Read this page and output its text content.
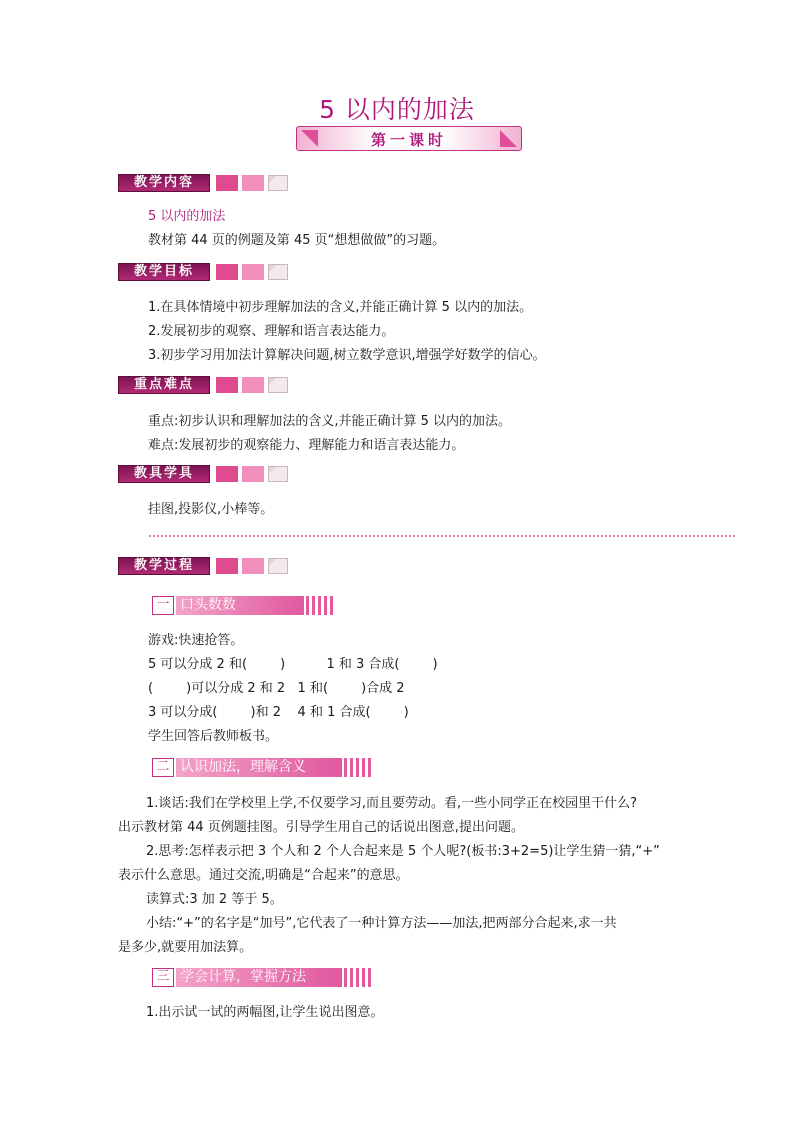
5 以内的加法
第一课时
教学内容
5 以内的加法
教材第 44 页的例题及第 45 页“想想做做”的习题。
教学目标
1.在具体情境中初步理解加法的含义,并能正确计算 5 以内的加法。
2.发展初步的观察、理解和语言表达能力。
3.初步学习用加法计算解决问题,树立数学意识,增强学好数学的信心。
重点难点
重点:初步认识和理解加法的含义,并能正确计算 5 以内的加法。
难点:发展初步的观察能力、理解能力和语言表达能力。
教具学具
挂图,投影仪,小棒等。
教学过程
一 口头数数
游戏:快速抢答。
5 可以分成 2 和(        )          1 和 3 合成(        )
(        )可以分成 2 和 2   1 和(        )合成 2
3 可以分成(        )和 2    4 和 1 合成(        )
学生回答后教师板书。
二 认识加法，理解含义
1.谈话:我们在学校里上学,不仅要学习,而且要劳动。看,一些小同学正在校园里干什么?
出示教材第 44 页例题挂图。引导学生用自己的话说出图意,提出问题。
2.思考:怎样表示把 3 个人和 2 个人合起来是 5 个人呢?(板书:3+2=5)让学生猜一猜,“+”
表示什么意思。通过交流,明确是“合起来”的意思。
读算式:3 加 2 等于 5。
小结:“+”的名字是“加号”,它代表了一种计算方法——加法,把两部分合起来,求一共
是多少,就要用加法算。
三 学会计算，掌握方法
1.出示试一试的两幅图,让学生说出图意。
